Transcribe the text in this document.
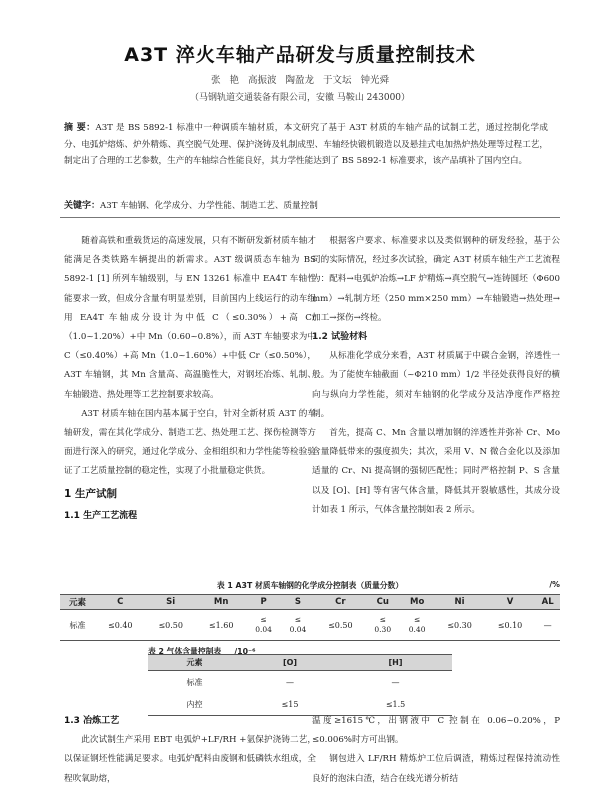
A3T 淬火车轴产品研发与质量控制技术
张 艳 高振波 陶盈龙 于文坛 钟光舜
（马钢轨道交通装备有限公司，安徽 马鞍山 243000）
摘 要：A3T 是 BS 5892-1 标准中一种调质车轴材质，本文研究了基于 A3T 材质的车轴产品的试制工艺，通过控制化学成分、电弧炉熔炼、炉外精炼、真空脱气处理、保护浇铸及轧制成型、车轴经快锻机锻造以及悬挂式电加热炉热处理等过程工艺，制定出了合理的工艺参数，生产的车轴综合性能良好，其力学性能达到了 BS 5892-1 标准要求，该产品填补了国内空白。
关键字：A3T 车轴钢、化学成分、力学性能、制造工艺、质量控制

随着高铁和重载货运的高速发展，只有不断研发新材质车轴才能满足各类铁路车辆提出的新需求。A3T 级调质态车轴为 BS 5892-1 [1] 所列车轴级别，与 EN 13261 标准中 EA4T 车轴性能要求一致，但成分含量有明显差别，目前国内上线运行的动车组用 EA4T 车轴成分设计为中低 C（≤0.30%）+高 Cr（1.0~1.20%）+中 Mn（0.60~0.8%），而 A3T 车轴要求为中 C（≤0.40%）+高 Mn（1.0~1.60%）+中低 Cr（≤0.50%），A3T 车轴钢，其 Mn 含量高、高温脆性大，对钢坯冶炼、轧制、车轴锻造、热处理等工艺控制要求较高。

A3T 材质车轴在国内基本属于空白，针对全新材质 A3T 的车轴研发，需在其化学成分、制造工艺、热处理工艺、探伤检测等方面进行深入的研究，通过化学成分、金相组织和力学性能等检验验证了工艺质量控制的稳定性，实现了小批量稳定供货。

1 生产试制
1.1 生产工艺流程

根据客户要求、标准要求以及类似钢种的研发经验，基于公司的实际情况，经过多次试验，确定 A3T 材质车轴生产工艺流程为：配料→电弧炉冶炼→LF 炉精炼→真空脱气→连铸圆坯（Φ600 mm）→轧制方坯（250 mm×250 mm）→车轴锻造→热处理→加工→探伤→终检。

1.2 试验材料

从标准化学成分来看，A3T 材质属于中碳合金钢，淬透性一般。为了能使车轴截面（~Φ210 mm）1/2 半径处获得良好的横向与纵向力学性能，须对车轴钢的化学成分及洁净度作严格控制。

首先，提高 C、Mn 含量以增加钢的淬透性并弥补 Cr、Mo 含量降低带来的强度损失；其次，采用 V、N 微合金化以及添加适量的 Cr、Ni 提高钢的强韧匹配性；同时严格控制 P、S 含量以及 [O]、[H] 等有害气体含量，降低其开裂敏感性，其成分设计如表 1 所示，气体含量控制如表 2 所示。

表 1 A3T 材质车轴钢的化学成分控制表（质量分数）	/%
元素	C	Si	Mn	P	S	Cr	Cu	Mo	Ni	V	AL
标准	≤0.40	≤0.50	≤1.60	≤
0.04	≤
0.04	≤0.50	≤
0.30	≤
0.40	≤0.30	≤0.10	—
表 2 气体含量控制表 /10⁻⁶
元素	[O]	[H]
标准	—	—
内控	≤15	≤1.5
1.3 冶炼工艺

此次试制生产采用 EBT 电弧炉+LF/RH +氩保护浇铸二艺，以保证钢坯性能满足要求。电弧炉配料由废钢和低磷铁水组成，全程吹氧助熔，

温度≥1615℃，出钢液中 C 控制在 0.06~0.20%，P ≤0.006%时方可出钢。

钢包进入 LF/RH 精炼炉工位后调渣，精炼过程保持流动性良好的泡沫白渣，结合在线光谱分析结
